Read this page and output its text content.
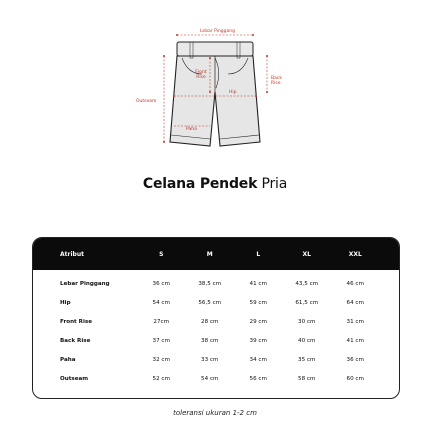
Lebar Pinggang
Front Rise	Back Rise
Hip
Outseam
Paha
Celana Pendek Pria
Atribut	S	M	L	XL	XXL
Lebar Pinggang	36 cm	38,5 cm	41 cm	43,5 cm	46 cm
Hip	54 cm	56,5 cm	59 cm	61,5 cm	64 cm
Front Rise	27cm	28 cm	29 cm	30 cm	31 cm
Back Rise	37 cm	38 cm	39 cm	40 cm	41 cm
Paha	32 cm	33 cm	34 cm	35 cm	36 cm
Outseam	52 cm	54 cm	56 cm	58 cm	60 cm
toleransi ukuran 1-2 cm
